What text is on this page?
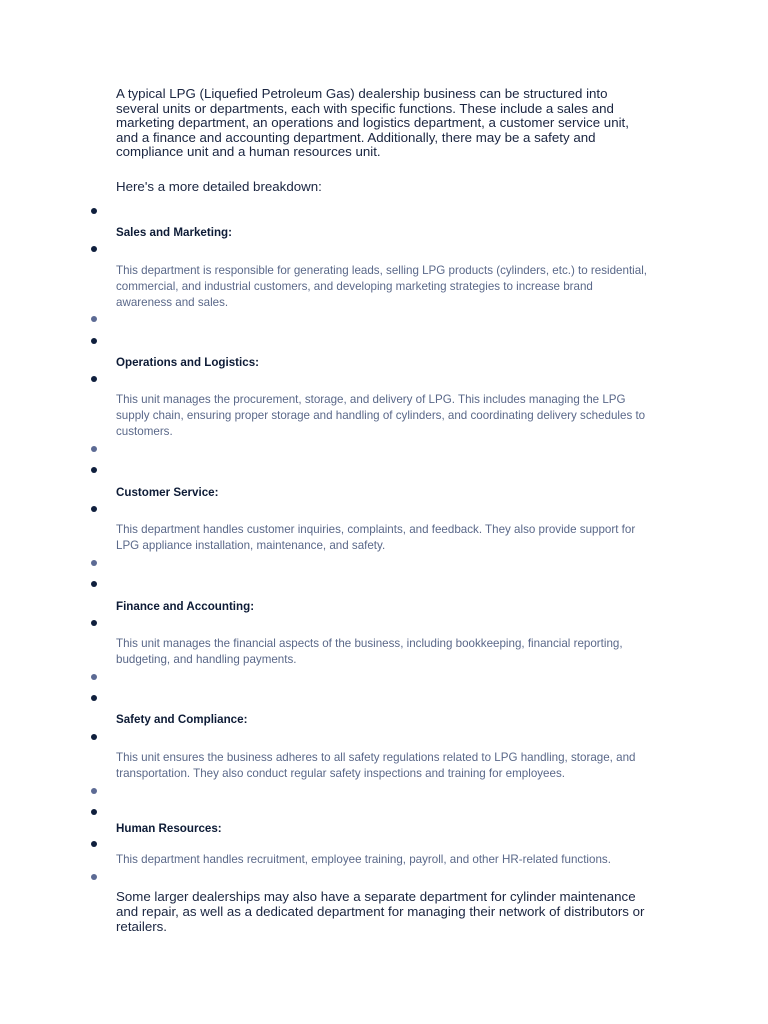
A typical LPG (Liquefied Petroleum Gas) dealership business can be structured into several units or departments, each with specific functions. These include a sales and marketing department, an operations and logistics department, a customer service unit, and a finance and accounting department. Additionally, there may be a safety and compliance unit and a human resources unit.

Here's a more detailed breakdown:

Sales and Marketing:

This department is responsible for generating leads, selling LPG products (cylinders, etc.) to residential, commercial, and industrial customers, and developing marketing strategies to increase brand awareness and sales.

Operations and Logistics:

This unit manages the procurement, storage, and delivery of LPG. This includes managing the LPG supply chain, ensuring proper storage and handling of cylinders, and coordinating delivery schedules to customers.

Customer Service:

This department handles customer inquiries, complaints, and feedback. They also provide support for LPG appliance installation, maintenance, and safety.

Finance and Accounting:

This unit manages the financial aspects of the business, including bookkeeping, financial reporting, budgeting, and handling payments.

Safety and Compliance:

This unit ensures the business adheres to all safety regulations related to LPG handling, storage, and transportation. They also conduct regular safety inspections and training for employees.

Human Resources:

This department handles recruitment, employee training, payroll, and other HR-related functions.

Some larger dealerships may also have a separate department for cylinder maintenance and repair, as well as a dedicated department for managing their network of distributors or retailers.
